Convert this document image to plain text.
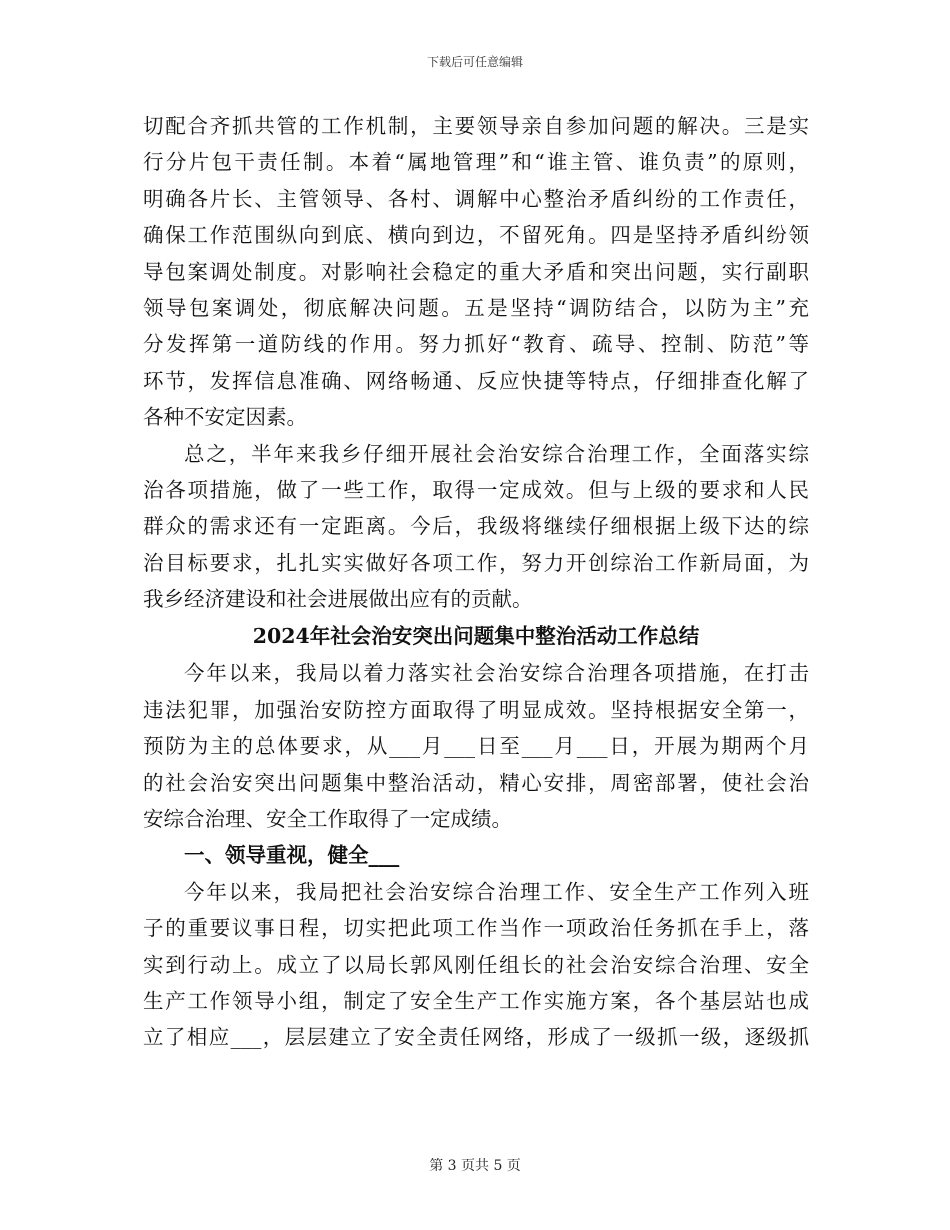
下载后可任意编辑
切配合齐抓共管的工作机制，主要领导亲自参加问题的解决。三是实
行分片包干责任制。本着“属地管理”和“谁主管、谁负责”的原则，
明确各片长、主管领导、各村、调解中心整治矛盾纠纷的工作责任，
确保工作范围纵向到底、横向到边，不留死角。四是坚持矛盾纠纷领
导包案调处制度。对影响社会稳定的重大矛盾和突出问题，实行副职
领导包案调处，彻底解决问题。五是坚持“调防结合，以防为主”充
分发挥第一道防线的作用。努力抓好“教育、疏导、控制、防范”等
环节，发挥信息准确、网络畅通、反应快捷等特点，仔细排查化解了
各种不安定因素。
总之，半年来我乡仔细开展社会治安综合治理工作，全面落实综
治各项措施，做了一些工作，取得一定成效。但与上级的要求和人民
群众的需求还有一定距离。今后，我级将继续仔细根据上级下达的综
治目标要求，扎扎实实做好各项工作，努力开创综治工作新局面，为
我乡经济建设和社会进展做出应有的贡献。
2024年社会治安突出问题集中整治活动工作总结
今年以来，我局以着力落实社会治安综合治理各项措施，在打击
违法犯罪，加强治安防控方面取得了明显成效。坚持根据安全第一，
预防为主的总体要求，从___月___日至___月___日，开展为期两个月
的社会治安突出问题集中整治活动，精心安排，周密部署，使社会治
安综合治理、安全工作取得了一定成绩。
一、领导重视，健全___
今年以来，我局把社会治安综合治理工作、安全生产工作列入班
子的重要议事日程，切实把此项工作当作一项政治任务抓在手上，落
实到行动上。成立了以局长郭风刚任组长的社会治安综合治理、安全
生产工作领导小组，制定了安全生产工作实施方案，各个基层站也成
立了相应___，层层建立了安全责任网络，形成了一级抓一级，逐级抓
第 3 页共 5 页
